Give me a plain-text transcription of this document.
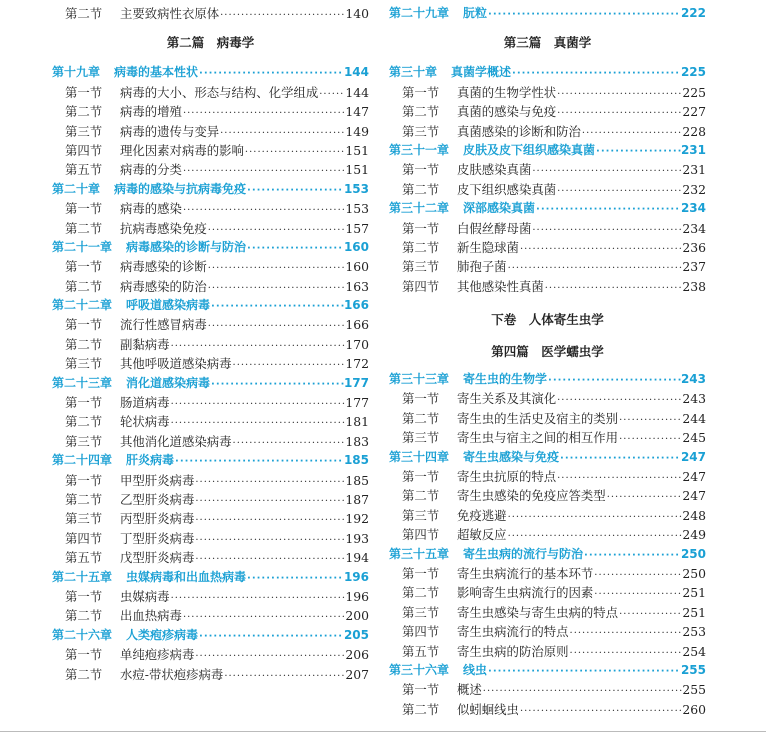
第二节	主要致病性衣原体 ·····	140
第二篇　病毒学
第十九章 病毒的基本性状 ·····	144
第一节	病毒的大小、形态与结构、化学组成 ····· 144
第二节	病毒的增殖 ·····	147
第三节	病毒的遗传与变异 ·····	149
第四节	理化因素对病毒的影响 ·····	151
第五节	病毒的分类 ·····	151
第二十章 病毒的感染与抗病毒免疫 ·····	153
第一节	病毒的感染 ·····	153
第二节	抗病毒感染免疫 ·····	157
第二十一章 病毒感染的诊断与防治 ·····	160
第一节	病毒感染的诊断 ·····	160
第二节	病毒感染的防治 ·····	163
第二十二章 呼吸道感染病毒 ·····	166
第一节	流行性感冒病毒 ·····	166
第二节	副黏病毒 ·····	170
第三节	其他呼吸道感染病毒 ·····	172
第二十三章 消化道感染病毒 ·····	177
第一节	肠道病毒 ·····	177
第二节	轮状病毒 ·····	181
第三节	其他消化道感染病毒 ·····	183
第二十四章 肝炎病毒 ·····	185
第一节	甲型肝炎病毒 ·····	185
第二节	乙型肝炎病毒 ·····	187
第三节	丙型肝炎病毒 ·····	192
第四节	丁型肝炎病毒 ·····	193
第五节	戊型肝炎病毒 ·····	194
第二十五章 虫媒病毒和出血热病毒 ·····	196
第一节	虫媒病毒 ·····	196
第二节	出血热病毒 ·····	200
第二十六章 人类疱疹病毒 ·····	205
第一节	单纯疱疹病毒 ·····	206
第二节	水痘-带状疱疹病毒 ·····	207
第二十九章 朊粒 ·····	222
第三篇　真菌学
第三十章 真菌学概述 ·····	225
第一节	真菌的生物学性状 ·····	225
第二节	真菌的感染与免疫 ·····	227
第三节	真菌感染的诊断和防治 ·····	228
第三十一章 皮肤及皮下组织感染真菌 ·····	231
第一节	皮肤感染真菌 ·····	231
第二节	皮下组织感染真菌 ·····	232
第三十二章 深部感染真菌 ·····	234
第一节	白假丝酵母菌 ·····	234
第二节	新生隐球菌 ·····	236
第三节	肺孢子菌 ·····	237
第四节	其他感染性真菌 ·····	238
下卷　人体寄生虫学
第四篇　医学蠕虫学
第三十三章 寄生虫的生物学 ·····	243
第一节	寄生关系及其演化 ·····	243
第二节	寄生虫的生活史及宿主的类别 ·····	244
第三节	寄生虫与宿主之间的相互作用 ·····	245
第三十四章 寄生虫感染与免疫 ·····	247
第一节	寄生虫抗原的特点 ·····	247
第二节	寄生虫感染的免疫应答类型 ·····	247
第三节	免疫逃避 ·····	248
第四节	超敏反应 ·····	249
第三十五章 寄生虫病的流行与防治 ·····	250
第一节	寄生虫病流行的基本环节 ·····	250
第二节	影响寄生虫病流行的因素 ·····	251
第三节	寄生虫感染与寄生虫病的特点 ·····	251
第四节	寄生虫病流行的特点 ·····	253
第五节	寄生虫病的防治原则 ·····	254
第三十六章 线虫 ·····	255
第一节	概述 ·····	255
第二节	似蚓蛔线虫 ·····	260
